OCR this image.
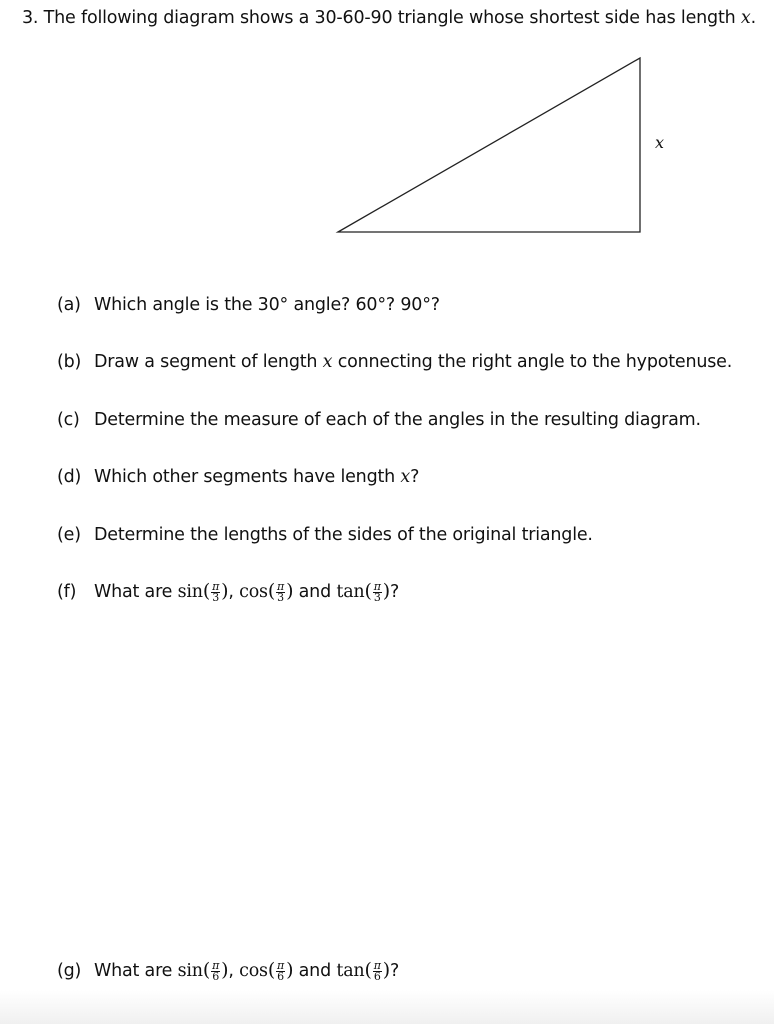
3. The following diagram shows a 30-60-90 triangle whose shortest side has length x.
x
(a) Which angle is the 30° angle? 60°? 90°?
(b) Draw a segment of length x connecting the right angle to the hypotenuse.
(c) Determine the measure of each of the angles in the resulting diagram.
(d) Which other segments have length x?
(e) Determine the lengths of the sides of the original triangle.
(f) What are $\sin( \frac{\pi}{3}$ ), $\cos( \frac{\pi}{3}$ ) and $\tan( \frac{\pi}{3}$ )?
(g) What are $\sin( \frac{\pi}{6}$ ), $\cos( \frac{\pi}{6}$ ) and $\tan( \frac{\pi}{6}$ )?
